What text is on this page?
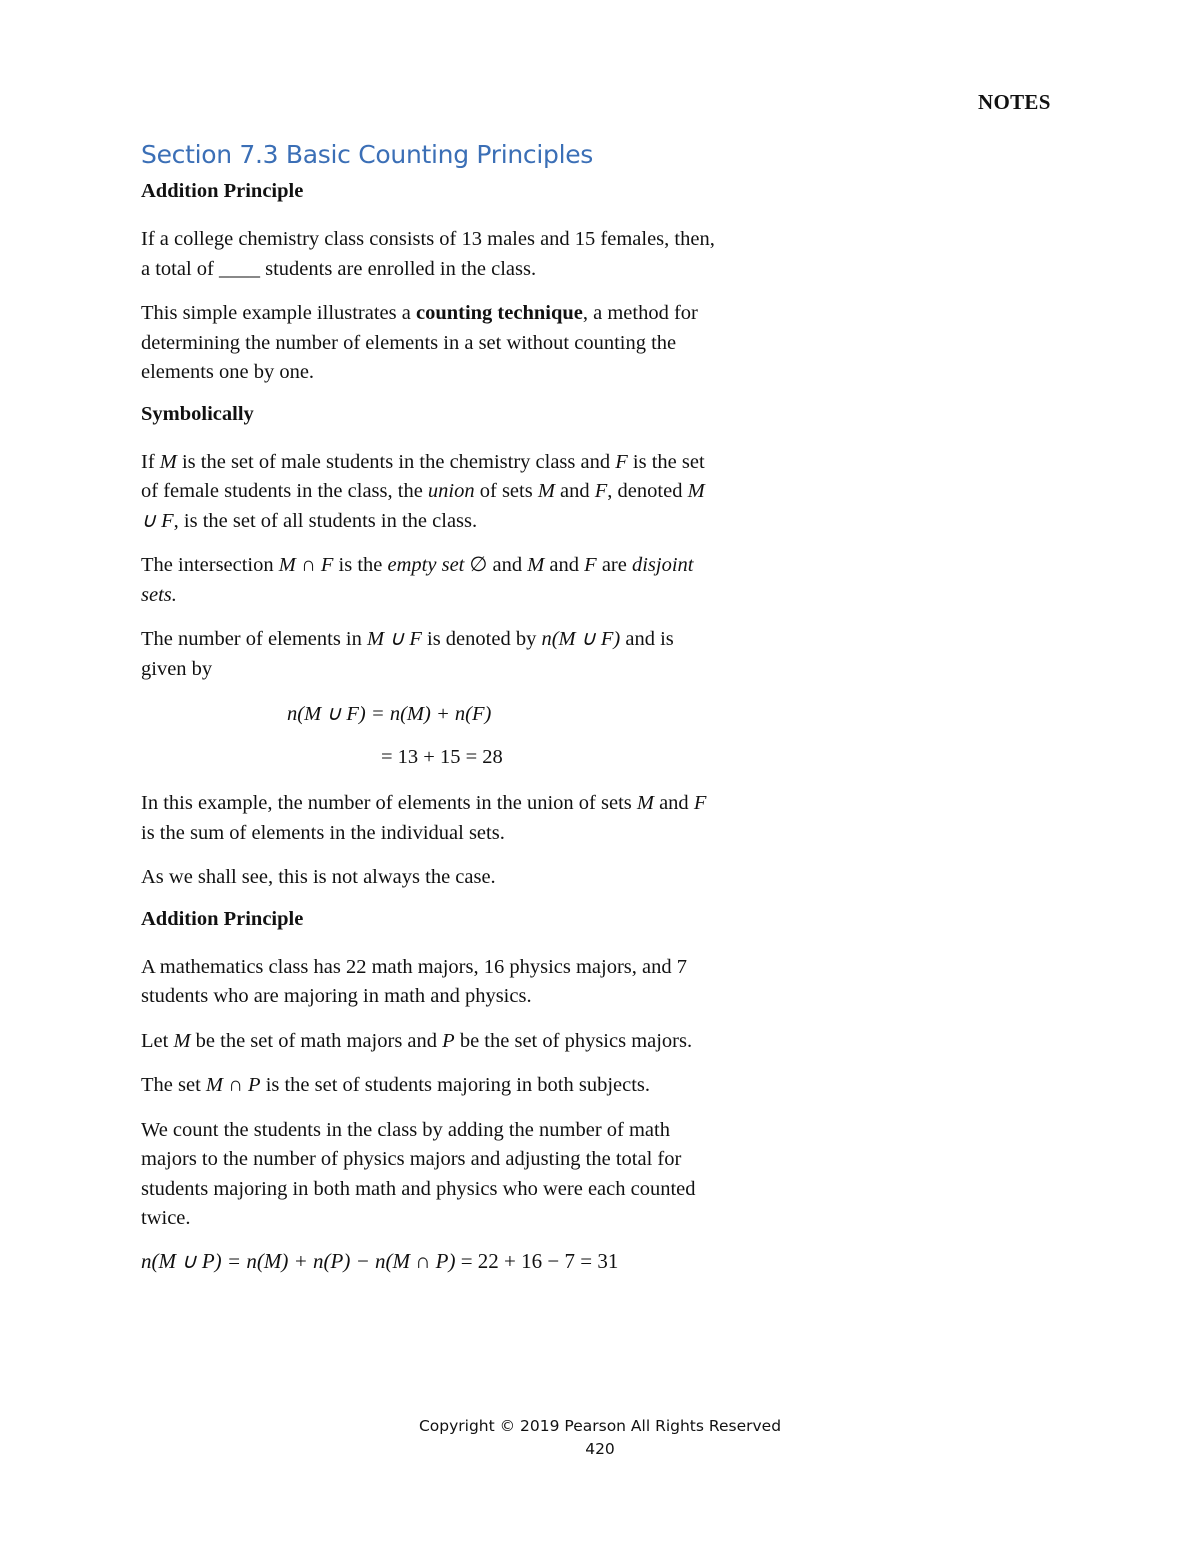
NOTES
Section 7.3 Basic Counting Principles
Addition Principle

If a college chemistry class consists of 13 males and 15 females, then, a total of ____ students are enrolled in the class.

This simple example illustrates a counting technique, a method for determining the number of elements in a set without counting the elements one by one.

Symbolically

If M is the set of male students in the chemistry class and F is the set of female students in the class, the union of sets M and F, denoted M ∪ F, is the set of all students in the class.

The intersection M ∩ F is the empty set ∅ and M and F are disjoint sets.

The number of elements in M ∪ F is denoted by n(M ∪ F) and is given by

n(M ∪ F) = n(M) + n(F)
= 13 + 15 = 28

In this example, the number of elements in the union of sets M and F is the sum of elements in the individual sets.

As we shall see, this is not always the case.

Addition Principle

A mathematics class has 22 math majors, 16 physics majors, and 7 students who are majoring in math and physics.

Let M be the set of math majors and P be the set of physics majors.

The set M ∩ P is the set of students majoring in both subjects.

We count the students in the class by adding the number of math majors to the number of physics majors and adjusting the total for students majoring in both math and physics who were each counted twice.

n(M ∪ P) = n(M) + n(P) − n(M ∩ P) = 22 + 16 − 7 = 31
Copyright © 2019 Pearson All Rights Reserved
420
